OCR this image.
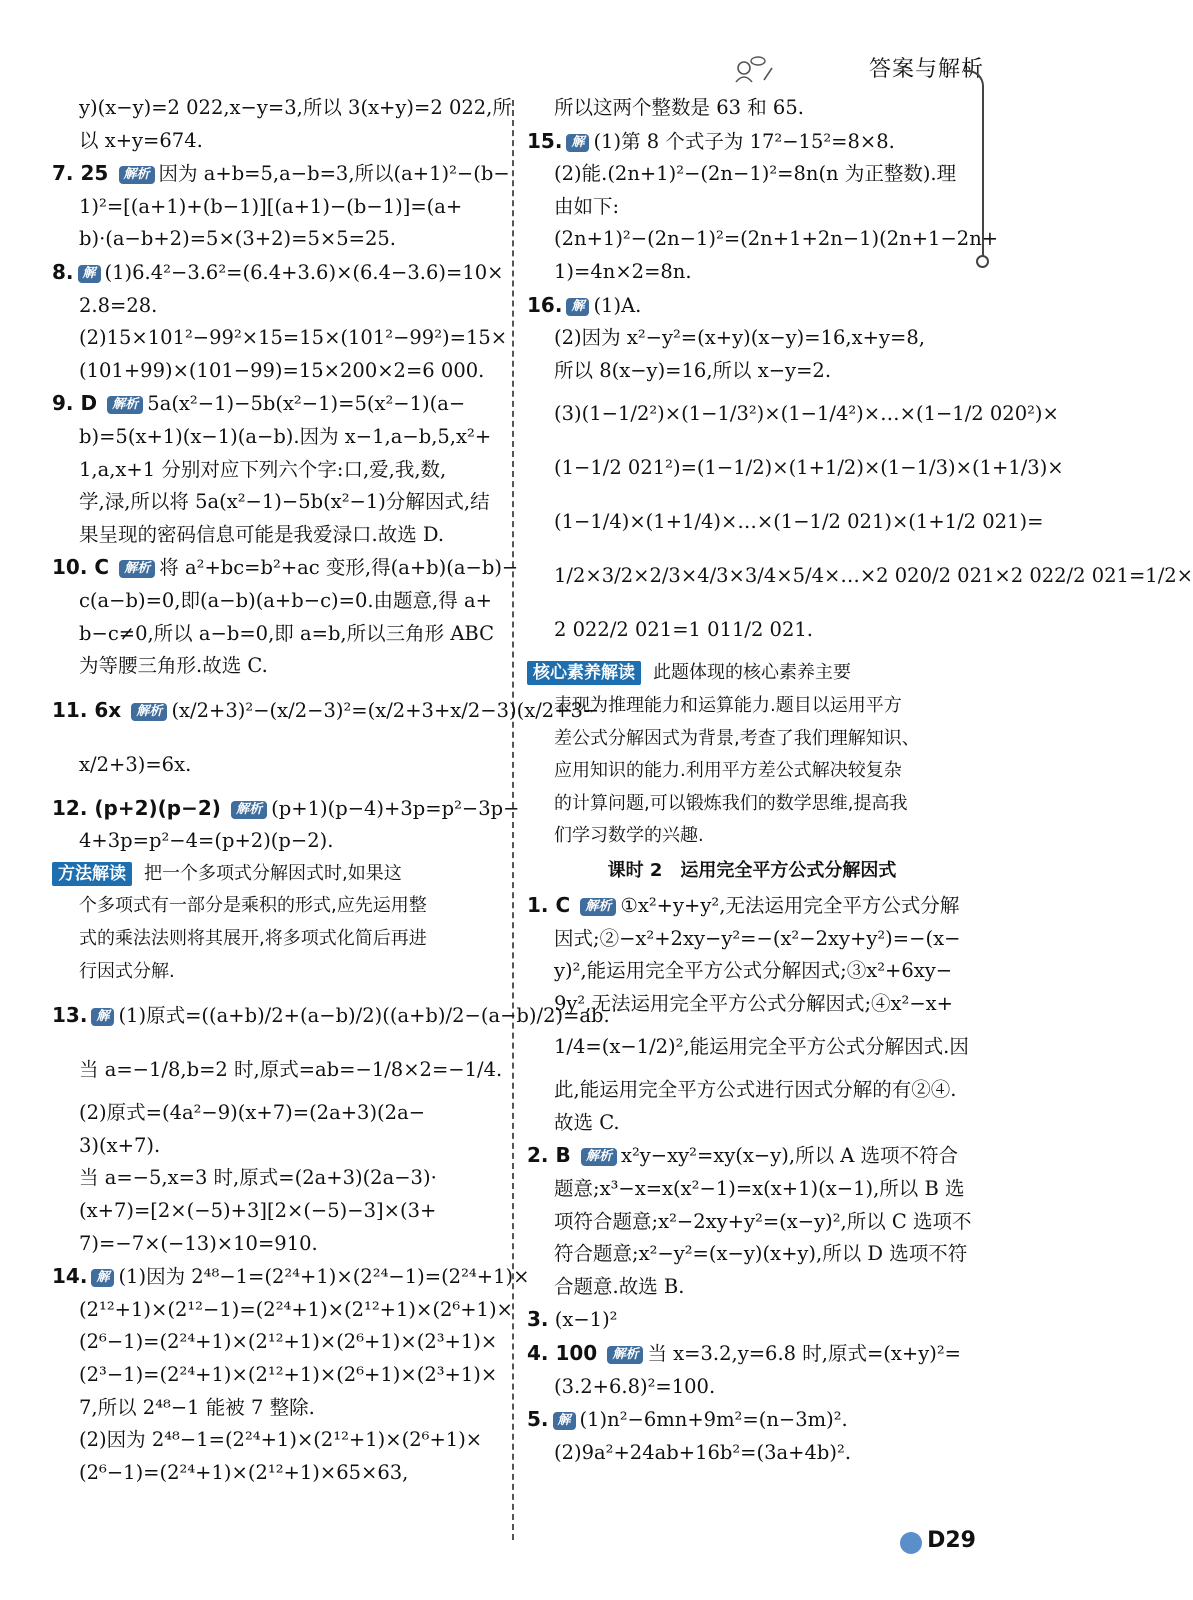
答案与解析
y)(x−y)=2 022,x−y=3,所以 3(x+y)=2 022,所
以 x+y=674.
7. 25 解析 因为 a+b=5,a−b=3,所以(a+1)²−(b−
1)²=[(a+1)+(b−1)][(a+1)−(b−1)]=(a+
b)·(a−b+2)=5×(3+2)=5×5=25.
8. 解 (1)6.4²−3.6²=(6.4+3.6)×(6.4−3.6)=10×
2.8=28.
(2)15×101²−99²×15=15×(101²−99²)=15×
(101+99)×(101−99)=15×200×2=6 000.
9. D 解析 5a(x²−1)−5b(x²−1)=5(x²−1)(a−
b)=5(x+1)(x−1)(a−b).因为 x−1,a−b,5,x²+
1,a,x+1 分别对应下列六个字:口,爱,我,数,
学,渌,所以将 5a(x²−1)−5b(x²−1)分解因式,结
果呈现的密码信息可能是我爱渌口.故选 D.
10. C 解析 将 a²+bc=b²+ac 变形,得(a+b)(a−b)−
c(a−b)=0,即(a−b)(a+b−c)=0.由题意,得 a+
b−c≠0,所以 a−b=0,即 a=b,所以三角形 ABC
为等腰三角形.故选 C.
11. 6x 解析 (x/2+3)²−(x/2−3)²=(x/2+3+x/2−3)(x/2+3−
x/2+3)=6x.
12. (p+2)(p−2) 解析 (p+1)(p−4)+3p=p²−3p−
4+3p=p²−4=(p+2)(p−2).
方法解读 把一个多项式分解因式时,如果这
个多项式有一部分是乘积的形式,应先运用整
式的乘法法则将其展开,将多项式化简后再进
行因式分解.
13. 解 (1)原式=((a+b)/2+(a−b)/2)((a+b)/2−(a−b)/2)=ab.
当 a=−1/8,b=2 时,原式=ab=−1/8×2=−1/4.
(2)原式=(4a²−9)(x+7)=(2a+3)(2a−
3)(x+7).
当 a=−5,x=3 时,原式=(2a+3)(2a−3)·
(x+7)=[2×(−5)+3][2×(−5)−3]×(3+
7)=−7×(−13)×10=910.
14. 解 (1)因为 2⁴⁸−1=(2²⁴+1)×(2²⁴−1)=(2²⁴+1)×
(2¹²+1)×(2¹²−1)=(2²⁴+1)×(2¹²+1)×(2⁶+1)×
(2⁶−1)=(2²⁴+1)×(2¹²+1)×(2⁶+1)×(2³+1)×
(2³−1)=(2²⁴+1)×(2¹²+1)×(2⁶+1)×(2³+1)×
7,所以 2⁴⁸−1 能被 7 整除.
(2)因为 2⁴⁸−1=(2²⁴+1)×(2¹²+1)×(2⁶+1)×
(2⁶−1)=(2²⁴+1)×(2¹²+1)×65×63,
所以这两个整数是 63 和 65.
15. 解 (1)第 8 个式子为 17²−15²=8×8.
(2)能.(2n+1)²−(2n−1)²=8n(n 为正整数).理
由如下:
(2n+1)²−(2n−1)²=(2n+1+2n−1)(2n+1−2n+
1)=4n×2=8n.
16. 解 (1)A.
(2)因为 x²−y²=(x+y)(x−y)=16,x+y=8,
所以 8(x−y)=16,所以 x−y=2.
(3)(1−1/2²)×(1−1/3²)×(1−1/4²)×…×(1−1/2 020²)×
(1−1/2 021²)=(1−1/2)×(1+1/2)×(1−1/3)×(1+1/3)×
(1−1/4)×(1+1/4)×…×(1−1/2 021)×(1+1/2 021)=
1/2×3/2×2/3×4/3×3/4×5/4×…×2 020/2 021×2 022/2 021=1/2×
2 022/2 021=1 011/2 021.
核心素养解读 此题体现的核心素养主要
表现为推理能力和运算能力.题目以运用平方
差公式分解因式为背景,考查了我们理解知识、
应用知识的能力.利用平方差公式解决较复杂
的计算问题,可以锻炼我们的数学思维,提高我
们学习数学的兴趣.
课时 2　运用完全平方公式分解因式
1. C 解析 ①x²+y+y²,无法运用完全平方公式分解
因式;②−x²+2xy−y²=−(x²−2xy+y²)=−(x−
y)²,能运用完全平方公式分解因式;③x²+6xy−
9y²,无法运用完全平方公式分解因式;④x²−x+
1/4=(x−1/2)²,能运用完全平方公式分解因式.因
此,能运用完全平方公式进行因式分解的有②④.
故选 C.
2. B 解析 x²y−xy²=xy(x−y),所以 A 选项不符合
题意;x³−x=x(x²−1)=x(x+1)(x−1),所以 B 选
项符合题意;x²−2xy+y²=(x−y)²,所以 C 选项不
符合题意;x²−y²=(x−y)(x+y),所以 D 选项不符
合题意.故选 B.
3. (x−1)²
4. 100 解析 当 x=3.2,y=6.8 时,原式=(x+y)²=
(3.2+6.8)²=100.
5. 解 (1)n²−6mn+9m²=(n−3m)².
(2)9a²+24ab+16b²=(3a+4b)².
D29
